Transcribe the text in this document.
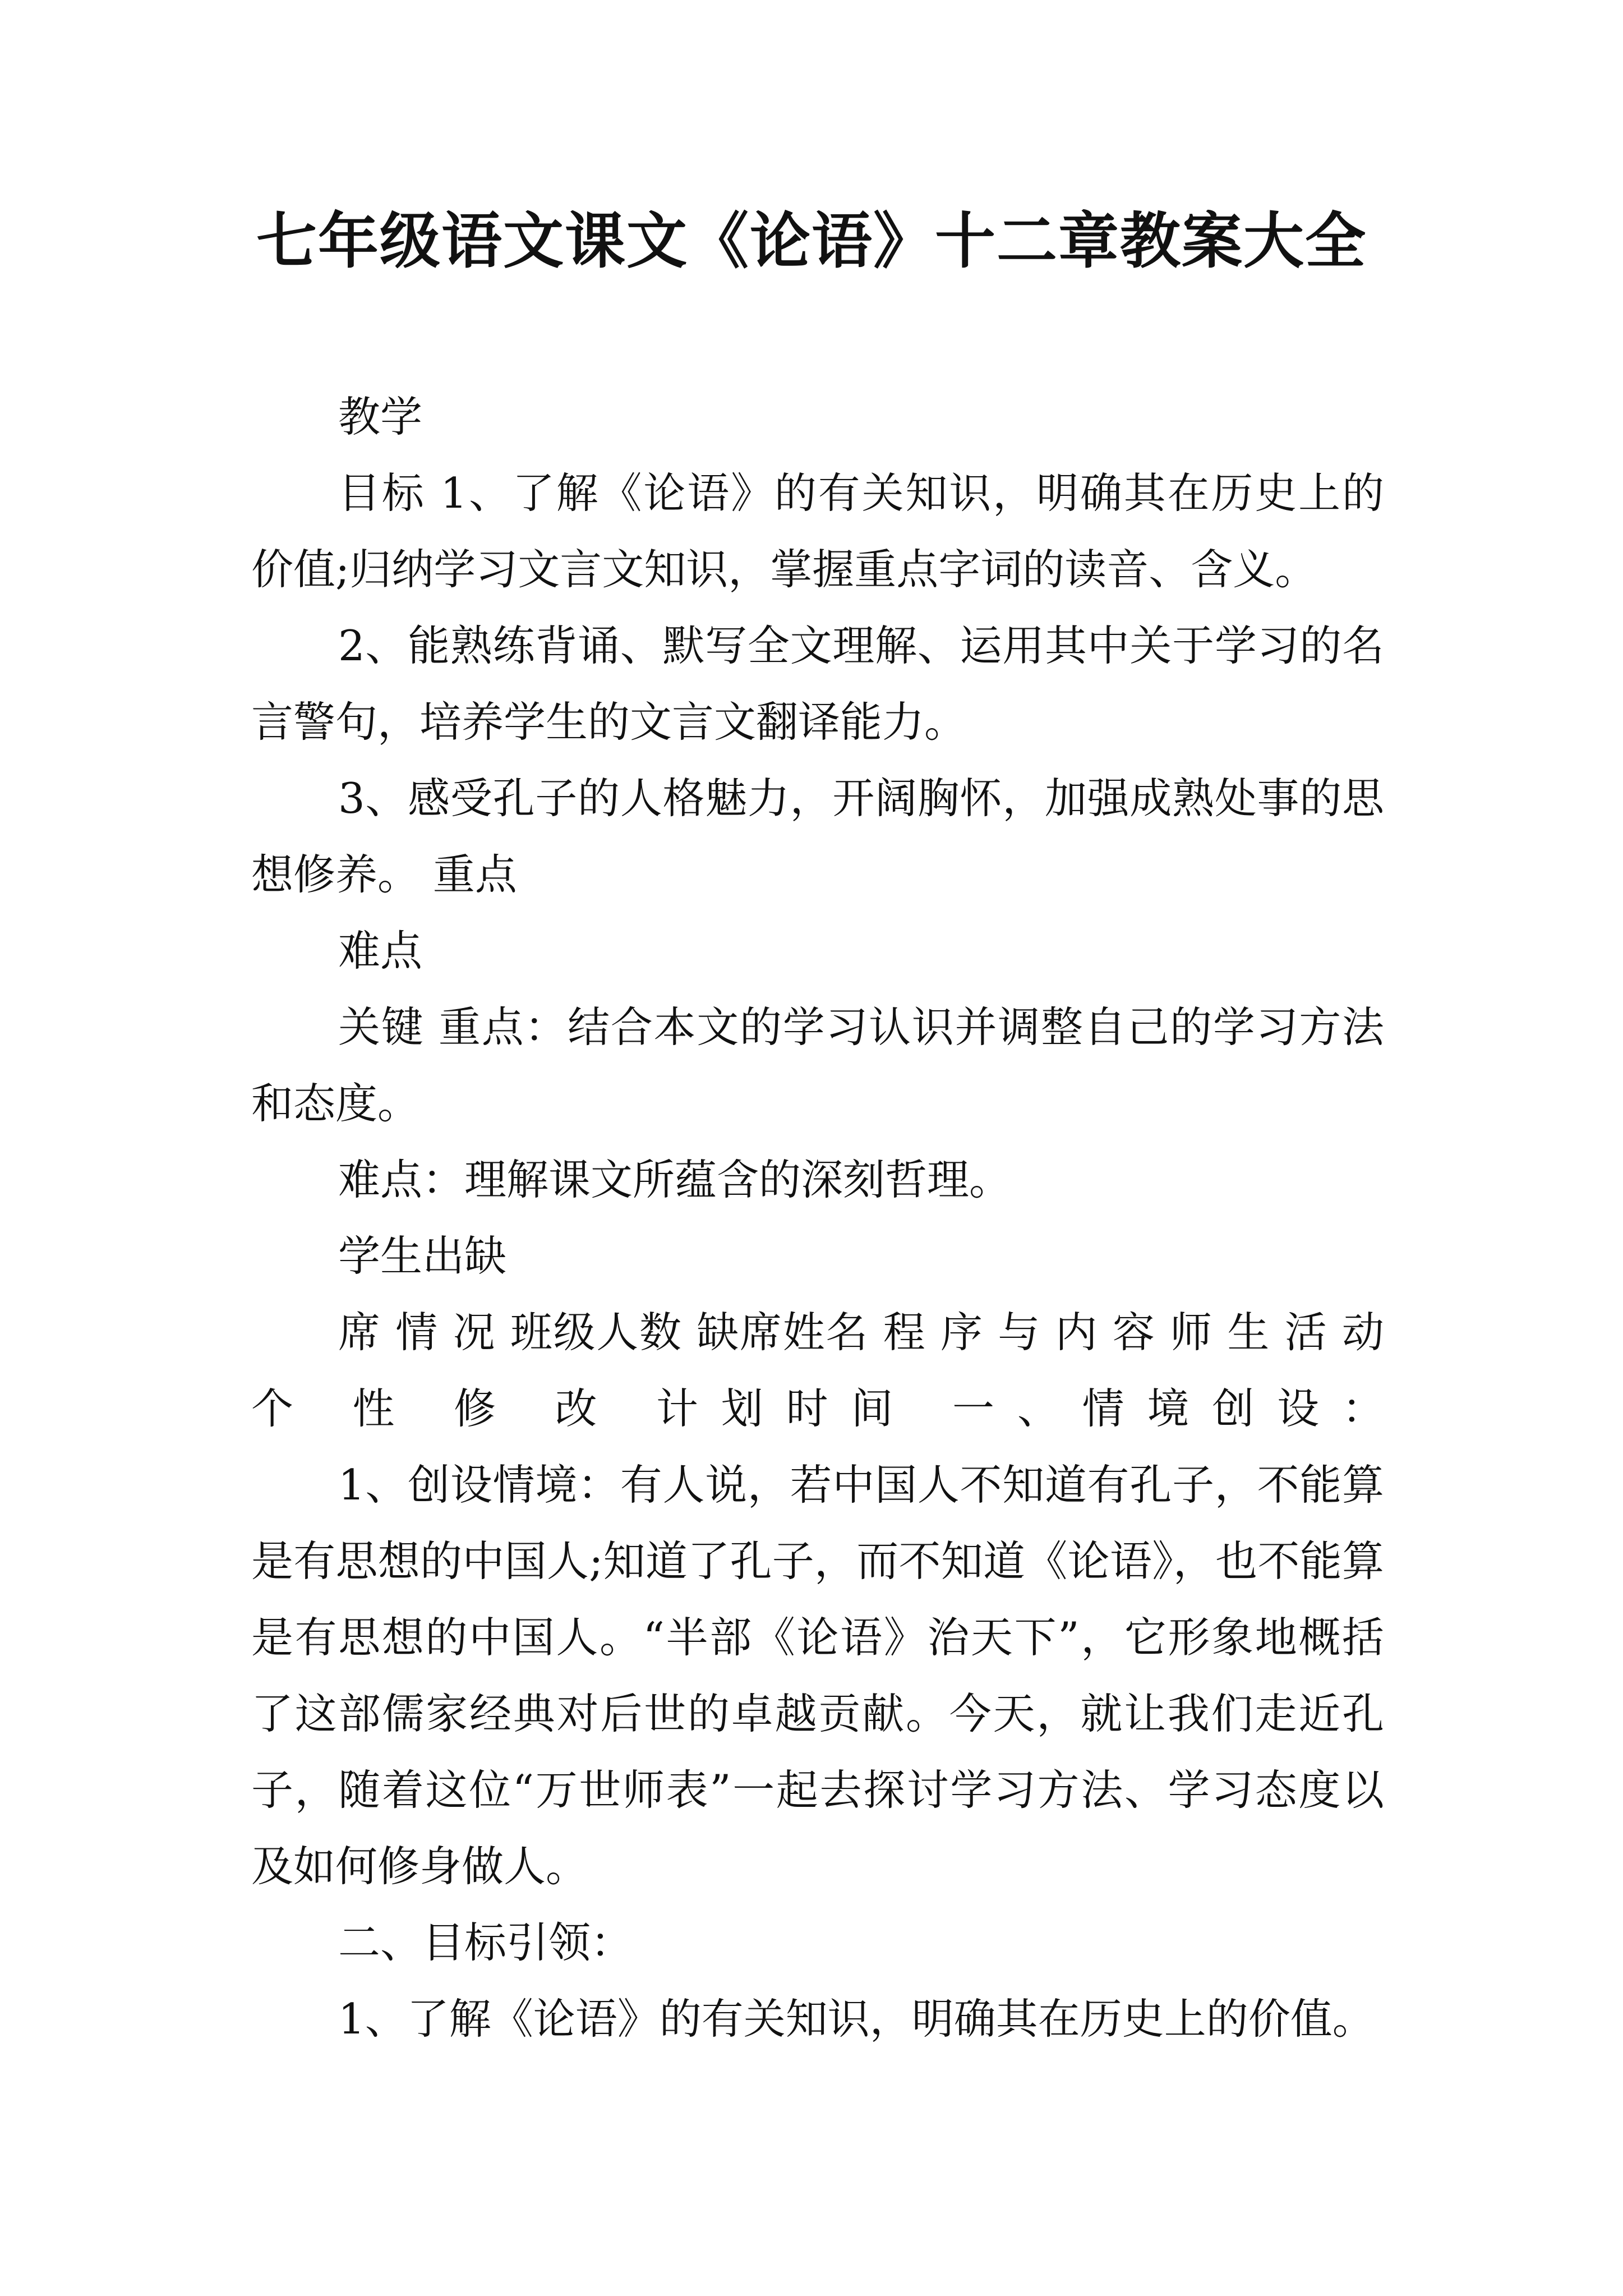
七年级语文课文《论语》十二章教案大全

教学

目标 1、了解《论语》的有关知识，明确其在历史上的价值;归纳学习文言文知识，掌握重点字词的读音、含义。

2、能熟练背诵、默写全文理解、运用其中关于学习的名言警句，培养学生的文言文翻译能力。

3、感受孔子的人格魅力，开阔胸怀，加强成熟处事的思想修养。 重点

难点

关键 重点：结合本文的学习认识并调整自己的学习方法和态度。

难点：理解课文所蕴含的深刻哲理。

学生出缺

席 情 况 班级人数 缺席姓名 程 序 与 内 容 师 生 活 动 个 性 修 改 计划时间 一、情境创设：

1、创设情境：有人说，若中国人不知道有孔子，不能算是有思想的中国人;知道了孔子，而不知道《论语》，也不能算是有思想的中国人。“半部《论语》治天下”，它形象地概括了这部儒家经典对后世的卓越贡献。今天，就让我们走近孔子，随着这位“万世师表”一起去探讨学习方法、学习态度以及如何修身做人。

二、目标引领：

1、了解《论语》的有关知识，明确其在历史上的价值。
